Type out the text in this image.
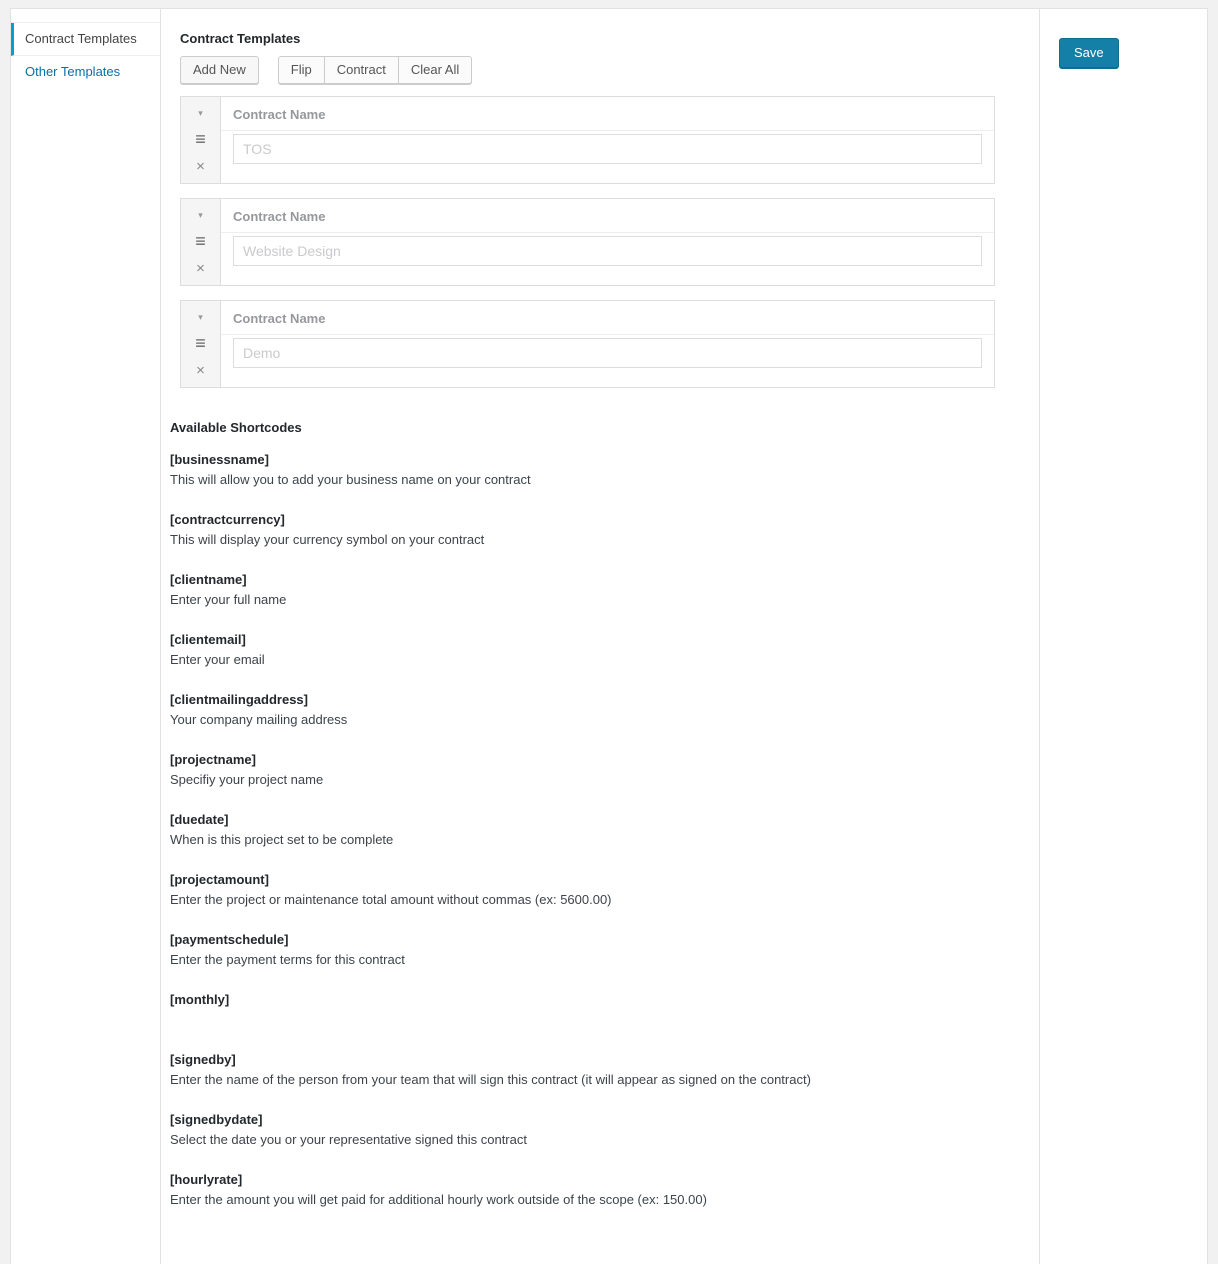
Contract Templates
Other Templates
Contract Templates
Add New	Flip	Contract	Clear All
▾
≡
×
Contract Name
TOS
▾
≡
×
Contract Name
Website Design
▾
≡
×
Contract Name
Demo
Available Shortcodes
[businessname]
This will allow you to add your business name on your contract
[contractcurrency]
This will display your currency symbol on your contract
[clientname]
Enter your full name
[clientemail]
Enter your email
[clientmailingaddress]
Your company mailing address
[projectname]
Specifiy your project name
[duedate]
When is this project set to be complete
[projectamount]
Enter the project or maintenance total amount without commas (ex: 5600.00)
[paymentschedule]
Enter the payment terms for this contract
[monthly]
[signedby]
Enter the name of the person from your team that will sign this contract (it will appear as signed on the contract)
[signedbydate]
Select the date you or your representative signed this contract
[hourlyrate]
Enter the amount you will get paid for additional hourly work outside of the scope (ex: 150.00)
Save
